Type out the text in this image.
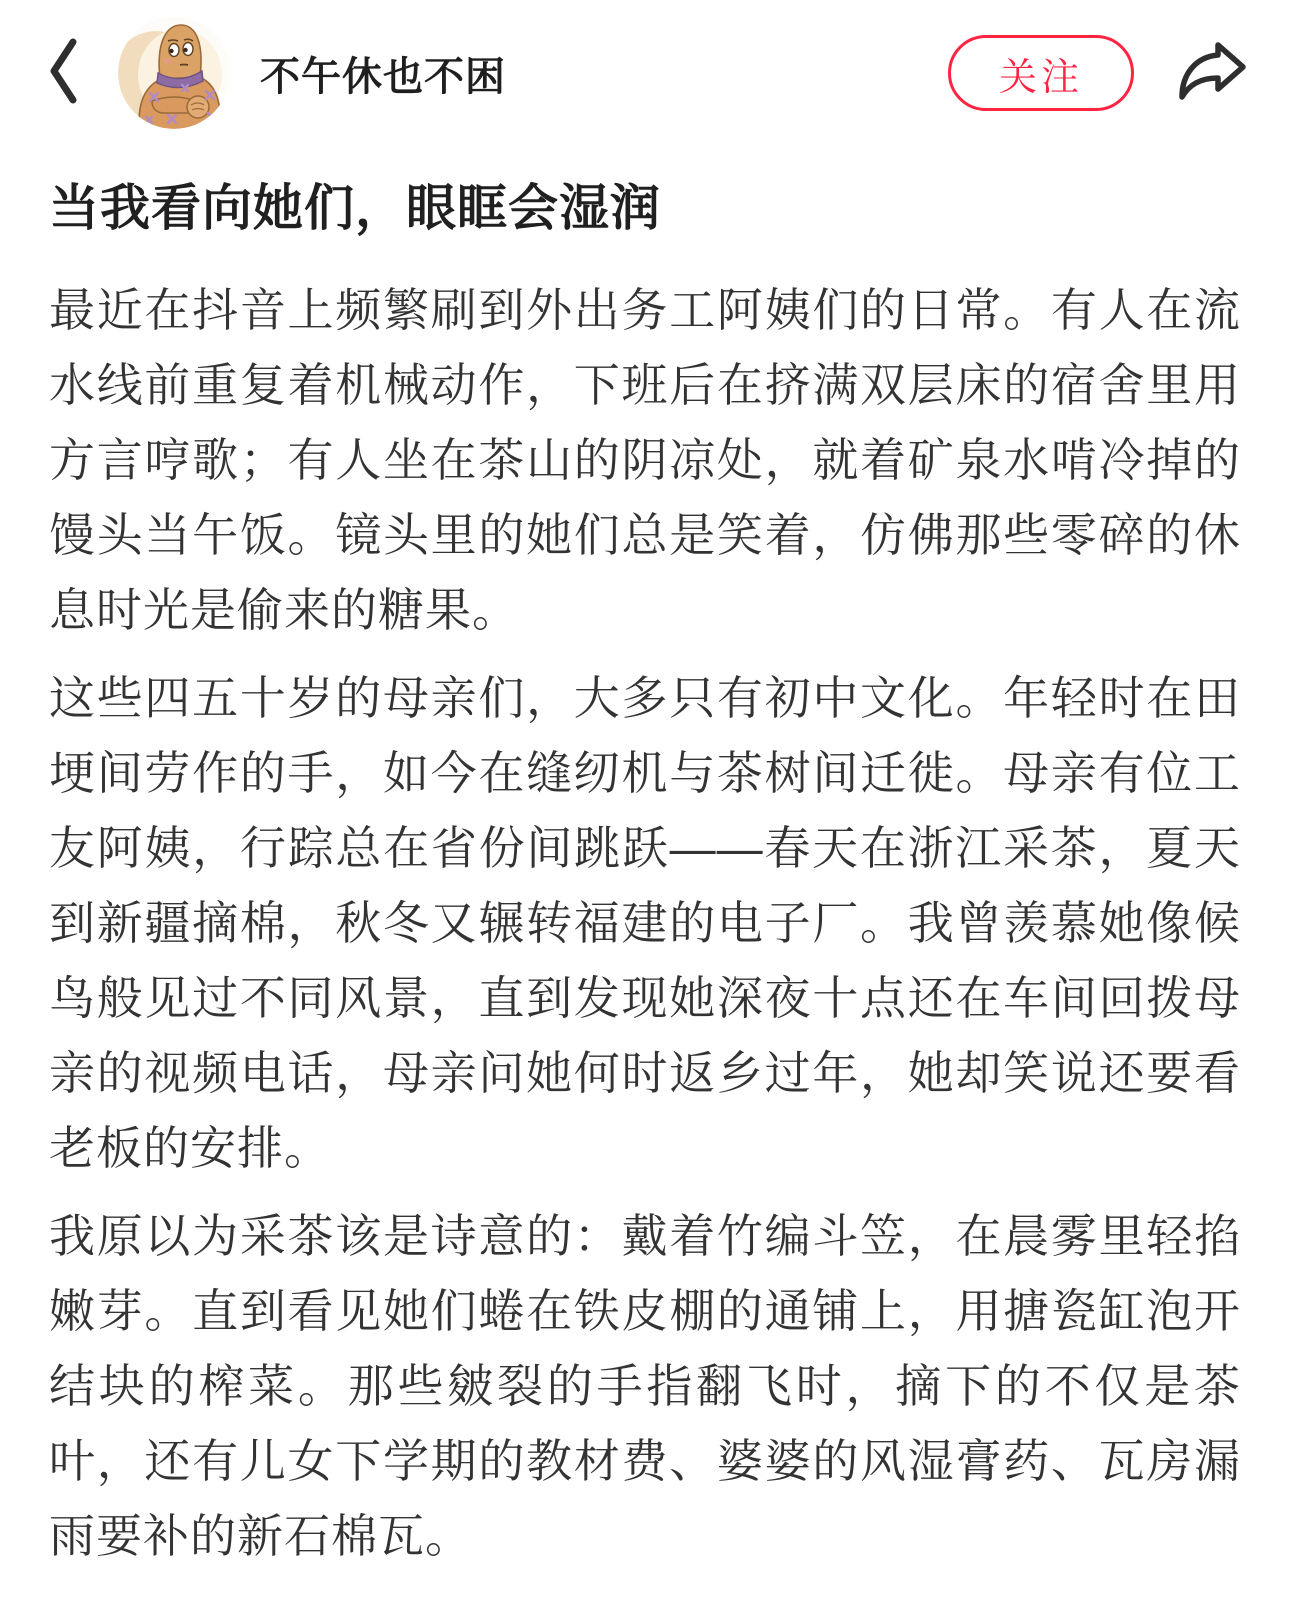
不午休也不困	关注
当我看向她们，眼眶会湿润

最近在抖音上频繁刷到外出务工阿姨们的日常。有人在流水线前重复着机械动作，下班后在挤满双层床的宿舍里用方言哼歌；有人坐在茶山的阴凉处，就着矿泉水啃冷掉的馒头当午饭。镜头里的她们总是笑着，仿佛那些零碎的休息时光是偷来的糖果。

这些四五十岁的母亲们，大多只有初中文化。年轻时在田埂间劳作的手，如今在缝纫机与茶树间迁徙。母亲有位工友阿姨，行踪总在省份间跳跃——春天在浙江采茶，夏天到新疆摘棉，秋冬又辗转福建的电子厂。我曾羡慕她像候鸟般见过不同风景，直到发现她深夜十点还在车间回拨母亲的视频电话，母亲问她何时返乡过年，她却笑说还要看老板的安排。

我原以为采茶该是诗意的：戴着竹编斗笠，在晨雾里轻掐嫩芽。直到看见她们蜷在铁皮棚的通铺上，用搪瓷缸泡开结块的榨菜。那些皴裂的手指翻飞时，摘下的不仅是茶叶，还有儿女下学期的教材费、婆婆的风湿膏药、瓦房漏雨要补的新石棉瓦。
